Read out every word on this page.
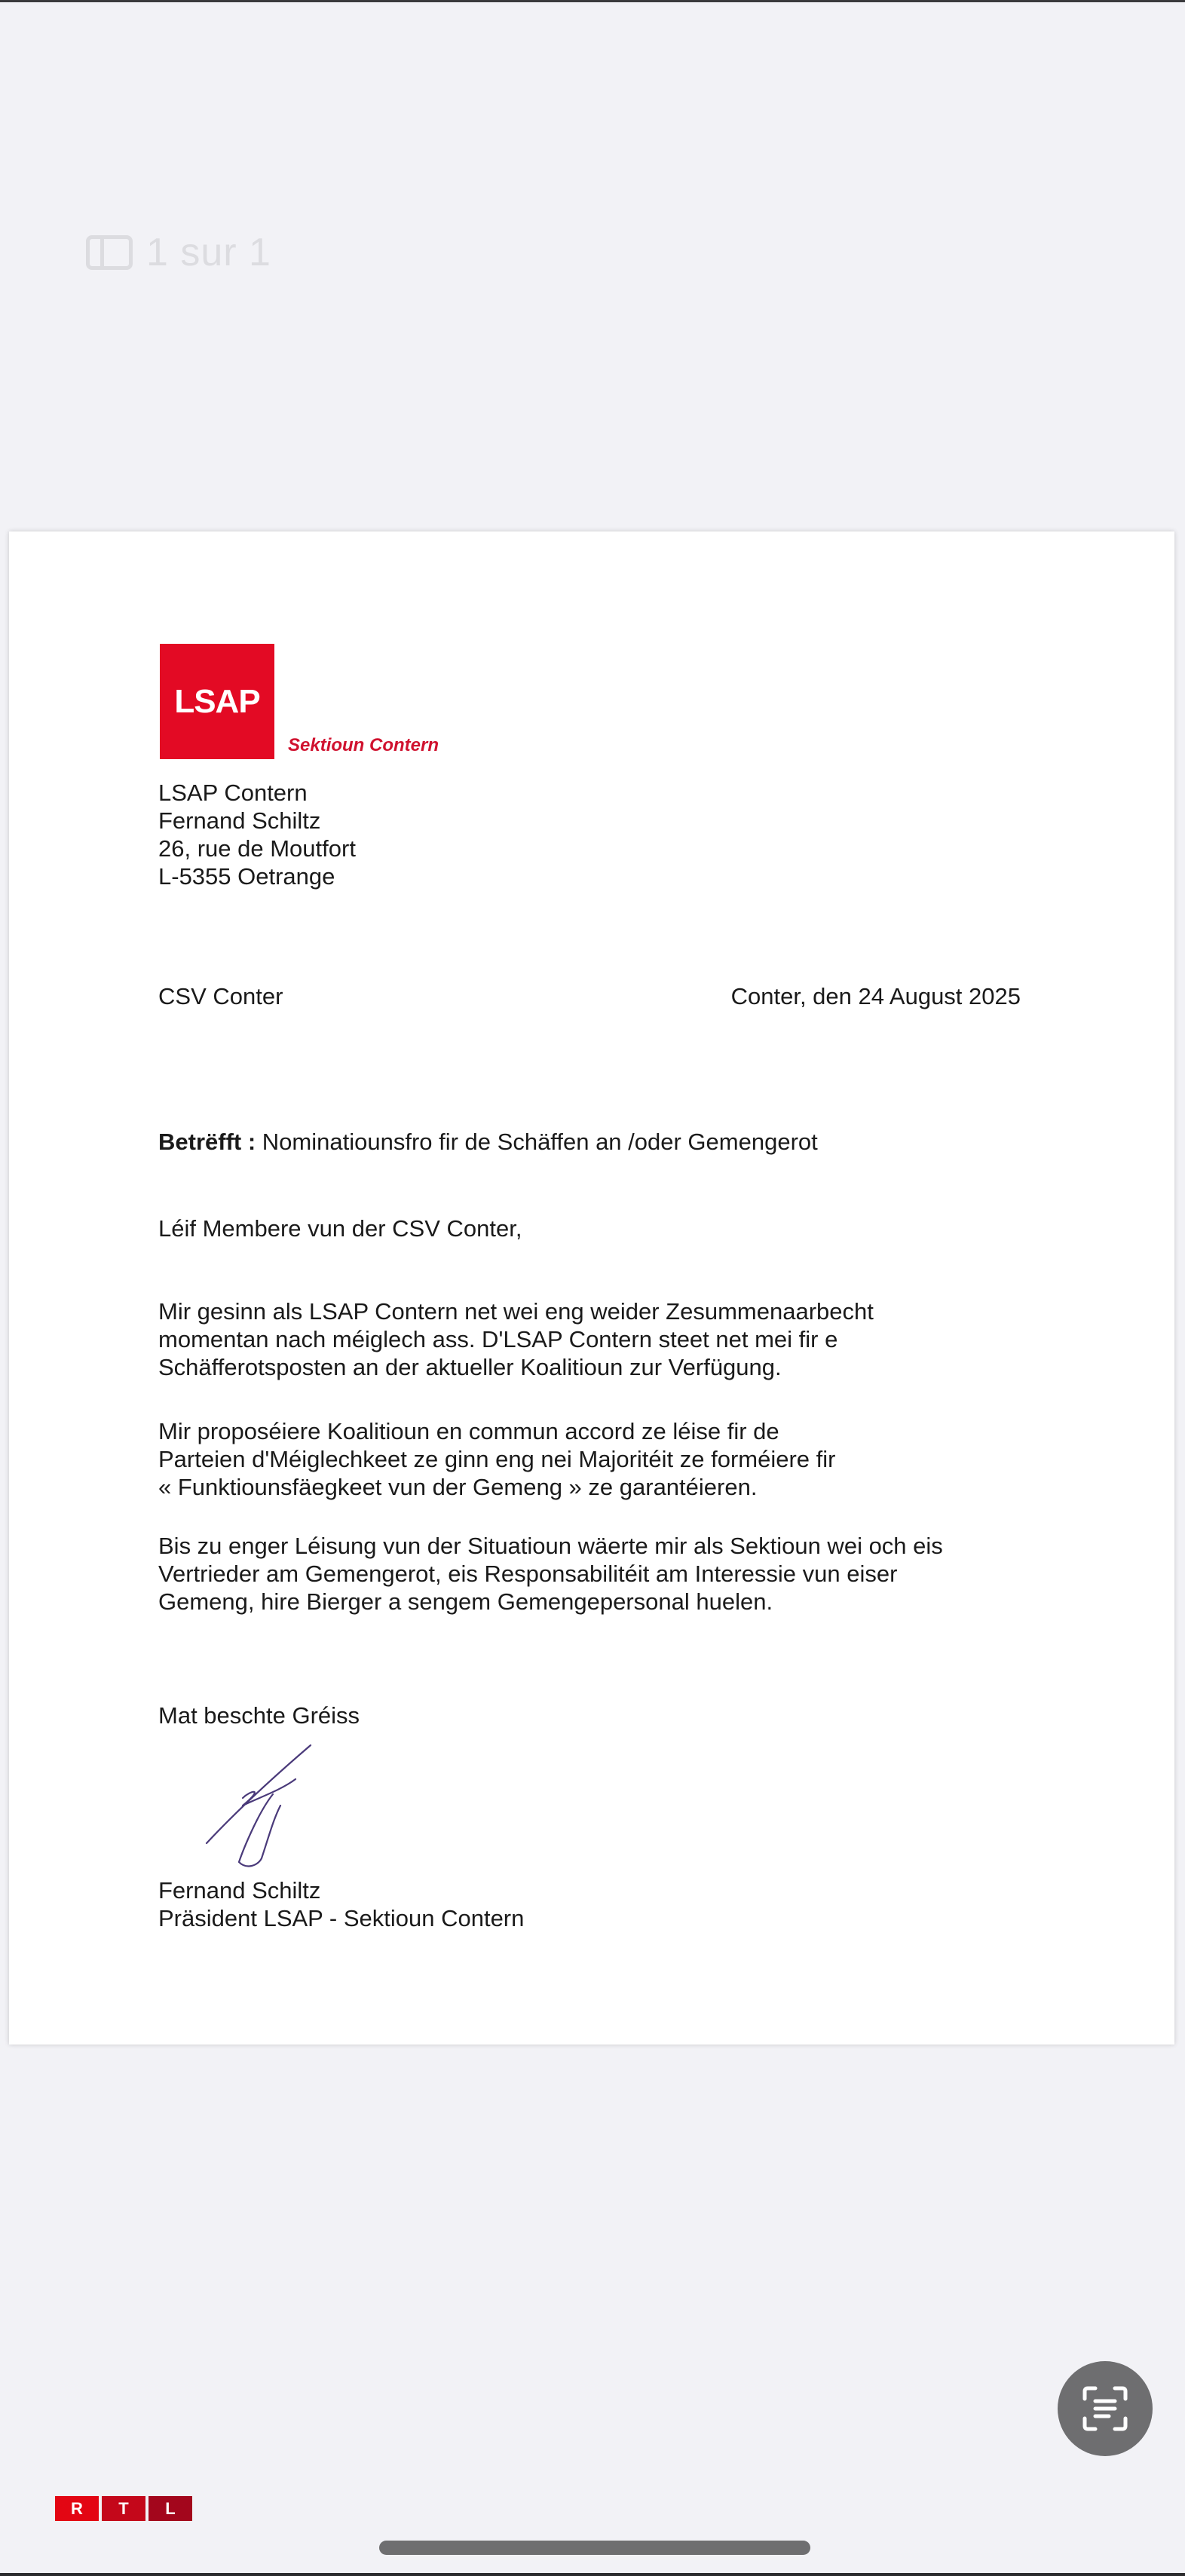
1 sur 1
LSAP
Sektioun Contern
LSAP Contern
Fernand Schiltz
26, rue de Moutfort
L-5355 Oetrange
CSV Conter	Conter, den 24 August 2025
Betrëfft : Nominatiounsfro fir de Schäffen an /oder Gemengerot
Léif Membere vun der CSV Conter,
Mir gesinn als LSAP Contern net wei eng weider Zesummenaarbecht
momentan nach méiglech ass. D'LSAP Contern steet net mei fir e
Schäfferotsposten an der aktueller Koalitioun zur Verfügung.
Mir proposéiere Koalitioun en commun accord ze léise fir de
Parteien d'Méiglechkeet ze ginn eng nei Majoritéit ze forméiere fir
« Funktiounsfäegkeet vun der Gemeng » ze garantéieren.
Bis zu enger Léisung vun der Situatioun wäerte mir als Sektioun wei och eis
Vertrieder am Gemengerot, eis Responsabilitéit am Interessie vun eiser
Gemeng, hire Bierger a sengem Gemengepersonal huelen.
Mat beschte Gréiss
Fernand Schiltz
Präsident LSAP - Sektioun Contern
R	T	L
